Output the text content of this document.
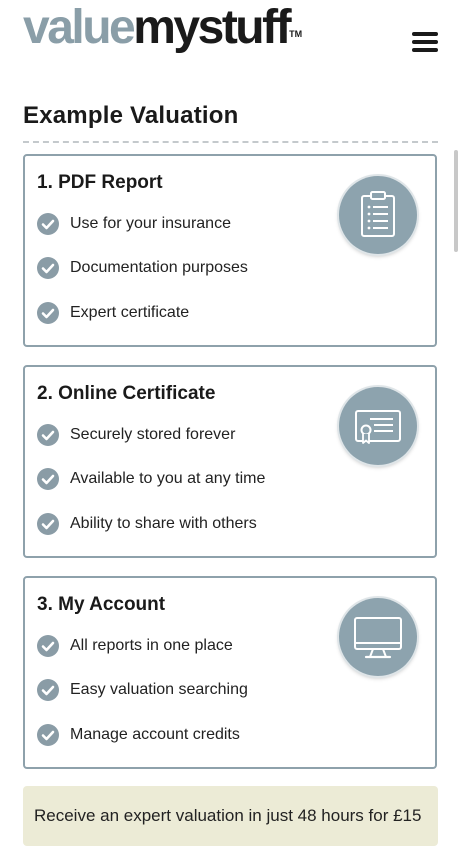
valuemystuff™
Example Valuation
1. PDF Report
Use for your insurance
Documentation purposes
Expert certificate
2. Online Certificate
Securely stored forever
Available to you at any time
Ability to share with others
3. My Account
All reports in one place
Easy valuation searching
Manage account credits
Receive an expert valuation in just 48 hours for £15
